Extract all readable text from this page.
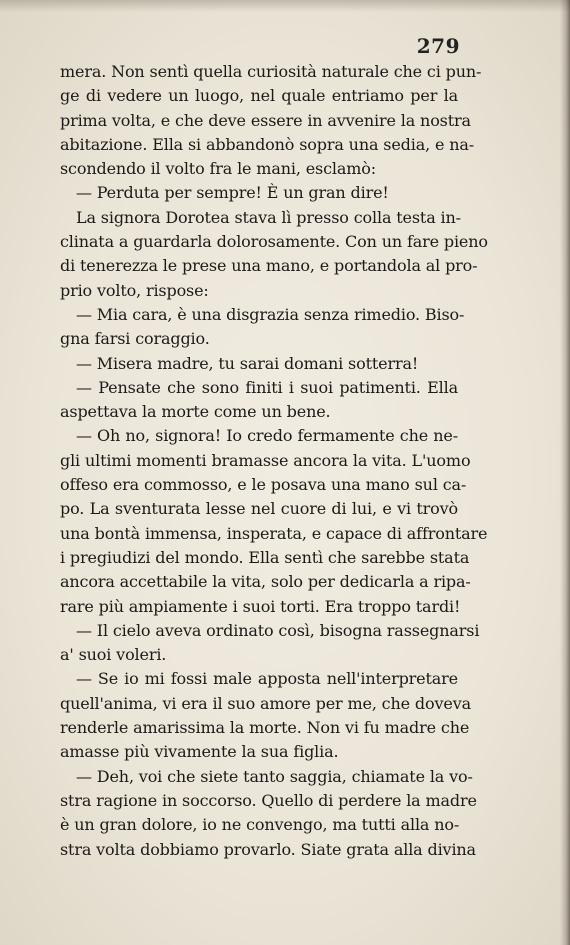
279
mera. Non sentì quella curiosità naturale che ci pun-
ge di vedere un luogo, nel quale entriamo per la
prima volta, e che deve essere in avvenire la nostra
abitazione. Ella si abbandonò sopra una sedia, e na-
scondendo il volto fra le mani, esclamò:
— Perduta per sempre! È un gran dire!
La signora Dorotea stava lì presso colla testa in-
clinata a guardarla dolorosamente. Con un fare pieno
di tenerezza le prese una mano, e portandola al pro-
prio volto, rispose:
— Mia cara, è una disgrazia senza rimedio. Biso-
gna farsi coraggio.
— Misera madre, tu sarai domani sotterra!
— Pensate che sono finiti i suoi patimenti. Ella
aspettava la morte come un bene.
— Oh no, signora! Io credo fermamente che ne-
gli ultimi momenti bramasse ancora la vita. L'uomo
offeso era commosso, e le posava una mano sul ca-
po. La sventurata lesse nel cuore di lui, e vi trovò
una bontà immensa, insperata, e capace di affrontare
i pregiudizi del mondo. Ella sentì che sarebbe stata
ancora accettabile la vita, solo per dedicarla a ripa-
rare più ampiamente i suoi torti. Era troppo tardi!
— Il cielo aveva ordinato così, bisogna rassegnarsi
a' suoi voleri.
— Se io mi fossi male apposta nell'interpretare
quell'anima, vi era il suo amore per me, che doveva
renderle amarissima la morte. Non vi fu madre che
amasse più vivamente la sua figlia.
— Deh, voi che siete tanto saggia, chiamate la vo-
stra ragione in soccorso. Quello di perdere la madre
è un gran dolore, io ne convengo, ma tutti alla no-
stra volta dobbiamo provarlo. Siate grata alla divina
